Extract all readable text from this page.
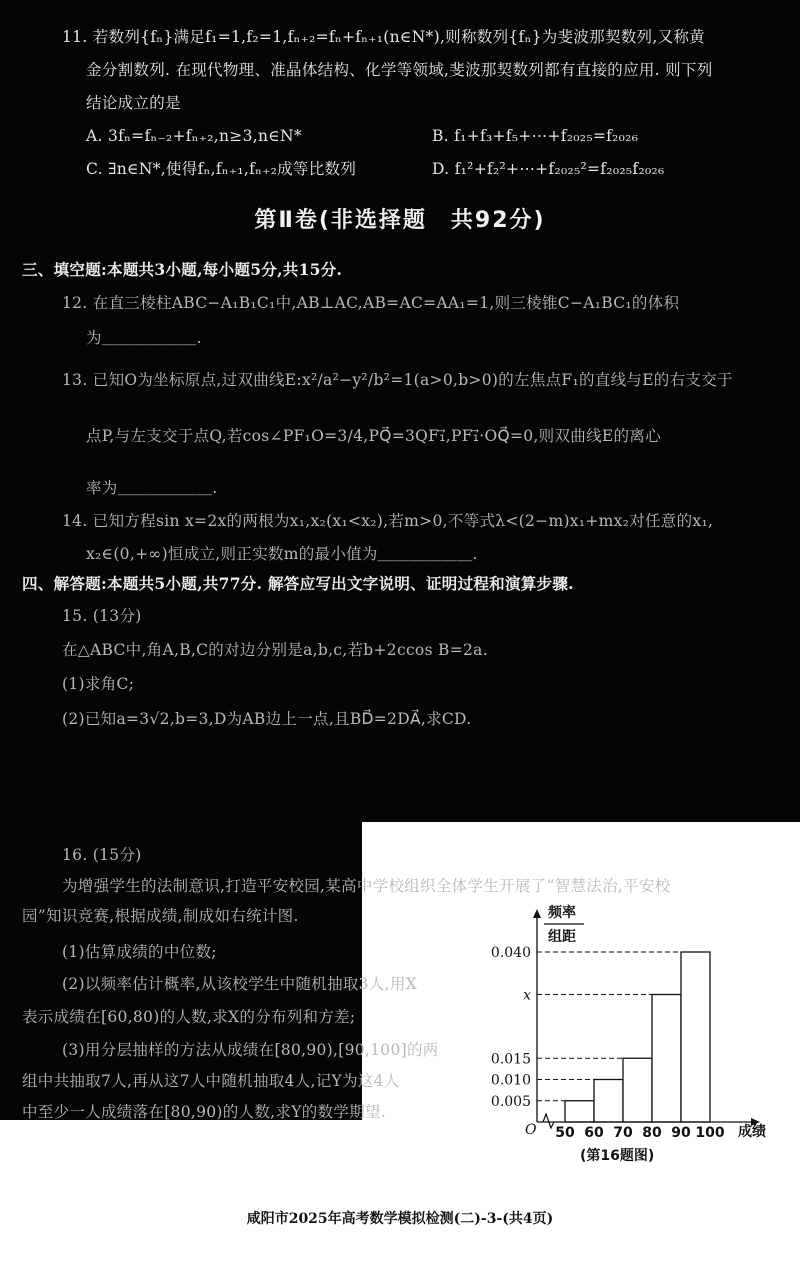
11. 若数列{fₙ}满足f₁=1,f₂=1,fₙ₊₂=fₙ+fₙ₊₁(n∈N*),则称数列{fₙ}为斐波那契数列,又称黄
金分割数列. 在现代物理、准晶体结构、化学等领域,斐波那契数列都有直接的应用. 则下列
结论成立的是
A. 3fₙ=fₙ₋₂+fₙ₊₂,n≥3,n∈N*	B. f₁+f₃+f₅+⋯+f₂₀₂₅=f₂₀₂₆
C. ∃n∈N*,使得fₙ,fₙ₊₁,fₙ₊₂成等比数列	D. f₁²+f₂²+⋯+f₂₀₂₅²=f₂₀₂₅f₂₀₂₆
第Ⅱ卷(非选择题　共92分)
三、填空题:本题共3小题,每小题5分,共15分.
12. 在直三棱柱ABC−A₁B₁C₁中,AB⊥AC,AB=AC=AA₁=1,则三棱锥C−A₁BC₁的体积
为＿＿＿＿＿＿.
13. 已知O为坐标原点,过双曲线E:x²/a²−y²/b²=1(a>0,b>0)的左焦点F₁的直线与E的右支交于
点P,与左支交于点Q,若cos∠PF₁O=3/4,PQ⃗=3QF₁⃗,PF₁⃗·OQ⃗=0,则双曲线E的离心
率为＿＿＿＿＿＿.
14. 已知方程sin x=2x的两根为x₁,x₂(x₁<x₂),若m>0,不等式λ<(2−m)x₁+mx₂对任意的x₁,
x₂∈(0,+∞)恒成立,则正实数m的最小值为＿＿＿＿＿＿.
四、解答题:本题共5小题,共77分. 解答应写出文字说明、证明过程和演算步骤.
15. (13分)
在△ABC中,角A,B,C的对边分别是a,b,c,若b+2ccos B=2a.
(1)求角C;
(2)已知a=3√2,b=3,D为AB边上一点,且BD⃗=2DA⃗,求CD.
16. (15分)
为增强学生的法制意识,打造平安校园,某高中学校组织全体学生开展了“智慧法治,平安校
园”知识竞赛,根据成绩,制成如右统计图.
(1)估算成绩的中位数;
(2)以频率估计概率,从该校学生中随机抽取3人,用X
表示成绩在[60,80)的人数,求X的分布列和方差;
(3)用分层抽样的方法从成绩在[80,90),[90,100]的两
组中共抽取7人,再从这7人中随机抽取4人,记Y为这4人
中至少一人成绩落在[80,90)的人数,求Y的数学期望.
0.005
0.010
0.015
x
0.040
50 60 70 80 90 100
频率
组距
成绩
O
(第16题图)
咸阳市2025年高考数学模拟检测(二)-3-(共4页)
